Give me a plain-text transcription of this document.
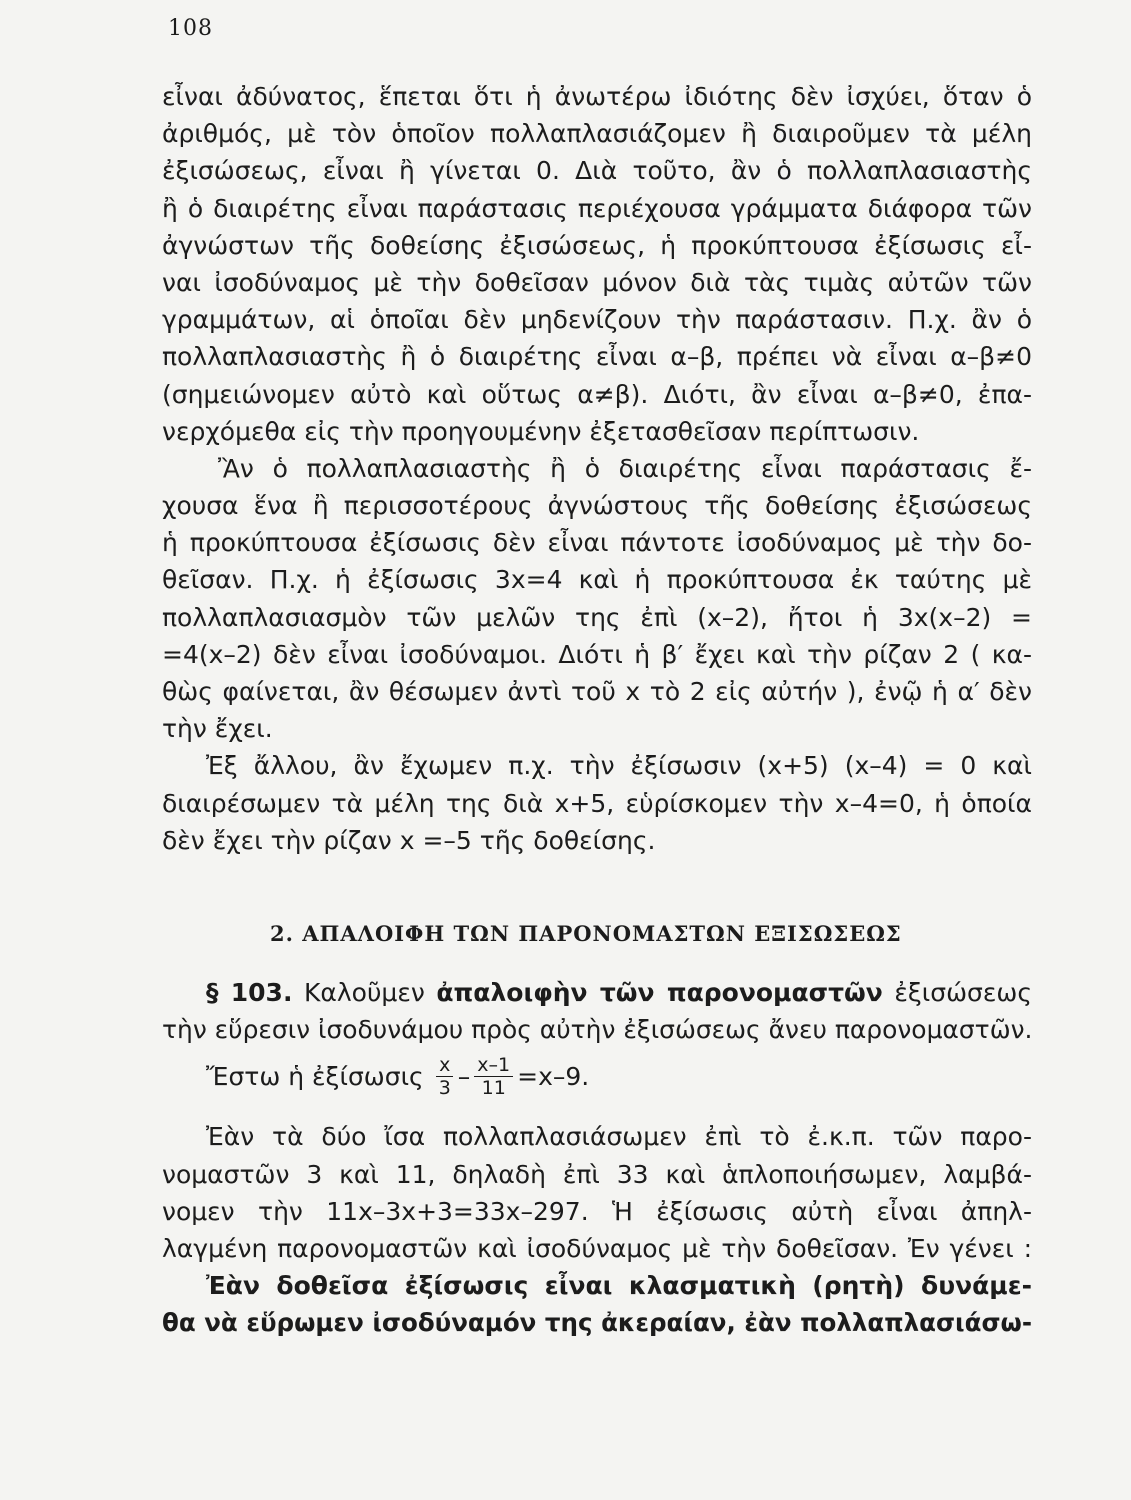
108
εἶναι ἀδύνατος, ἕπεται ὅτι ἡ ἀνωτέρω ἰδιότης δὲν ἰσχύει, ὅταν ὁ
ἀριθμός, μὲ τὸν ὁποῖον πολλαπλασιάζομεν ἢ διαιροῦμεν τὰ μέλη
ἐξισώσεως, εἶναι ἢ γίνεται 0. Διὰ τοῦτο, ἂν ὁ πολλαπλασιαστὴς
ἢ ὁ διαιρέτης εἶναι παράστασις περιέχουσα γράμματα διάφορα τῶν
ἀγνώστων τῆς δοθείσης ἐξισώσεως, ἡ προκύπτουσα ἐξίσωσις εἶ-
ναι ἰσοδύναμος μὲ τὴν δοθεῖσαν μόνον διὰ τὰς τιμὰς αὐτῶν τῶν
γραμμάτων, αἱ ὁποῖαι δὲν μηδενίζουν τὴν παράστασιν. Π.χ. ἂν ὁ
πολλαπλασιαστὴς ἢ ὁ διαιρέτης εἶναι α–β, πρέπει νὰ εἶναι α–β≠0
(σημειώνομεν αὐτὸ καὶ οὕτως α≠β). Διότι, ἂν εἶναι α–β≠0, ἐπα-
νερχόμεθα εἰς τὴν προηγουμένην ἐξετασθεῖσαν περίπτωσιν.
Ἂν ὁ πολλαπλασιαστὴς ἢ ὁ διαιρέτης εἶναι παράστασις ἔ-
χουσα ἕνα ἢ περισσοτέρους ἀγνώστους τῆς δοθείσης ἐξισώσεως
ἡ προκύπτουσα ἐξίσωσις δὲν εἶναι πάντοτε ἰσοδύναμος μὲ τὴν δο-
θεῖσαν. Π.χ. ἡ ἐξίσωσις 3x=4 καὶ ἡ προκύπτουσα ἐκ ταύτης μὲ
πολλαπλασιασμὸν τῶν μελῶν της ἐπὶ (x–2), ἤτοι ἡ 3x(x–2) =
=4(x–2) δὲν εἶναι ἰσοδύναμοι. Διότι ἡ β′ ἔχει καὶ τὴν ρίζαν 2 ( κα-
θὼς φαίνεται, ἂν θέσωμεν ἀντὶ τοῦ x τὸ 2 εἰς αὐτήν ), ἐνῷ ἡ α′ δὲν
τὴν ἔχει.
Ἐξ ἄλλου, ἂν ἔχωμεν π.χ. τὴν ἐξίσωσιν (x+5) (x–4) = 0 καὶ
διαιρέσωμεν τὰ μέλη της διὰ x+5, εὑρίσκομεν τὴν x–4=0, ἡ ὁποία
δὲν ἔχει τὴν ρίζαν x =–5 τῆς δοθείσης.
2. ΑΠΑΛΟΙΦΗ ΤΩΝ ΠΑΡΟΝΟΜΑΣΤΩΝ ΕΞΙΣΩΣΕΩΣ
§ 103. Καλοῦμεν ἀπαλοιφὴν τῶν παρονομαστῶν ἐξισώσεως
τὴν εὕρεσιν ἰσοδυνάμου πρὸς αὐτὴν ἐξισώσεως ἄνευ παρονομαστῶν.
Ἔστω ἡ ἐξίσωσις $\frac{x}{3} - \frac{x-1}{11} =x-9$.
Ἐὰν τὰ δύο ἴσα πολλαπλασιάσωμεν ἐπὶ τὸ ἐ.κ.π. τῶν παρο-
νομαστῶν 3 καὶ 11, δηλαδὴ ἐπὶ 33 καὶ ἁπλοποιήσωμεν, λαμβά-
νομεν τὴν 11x–3x+3=33x–297. Ἡ ἐξίσωσις αὐτὴ εἶναι ἀπηλ-
λαγμένη παρονομαστῶν καὶ ἰσοδύναμος μὲ τὴν δοθεῖσαν. Ἐν γένει :
Ἐὰν δοθεῖσα ἐξίσωσις εἶναι κλασματικὴ (ρητὴ) δυνάμε-
θα νὰ εὕρωμεν ἰσοδύναμόν της ἀκεραίαν, ἐὰν πολλαπλασιάσω-
